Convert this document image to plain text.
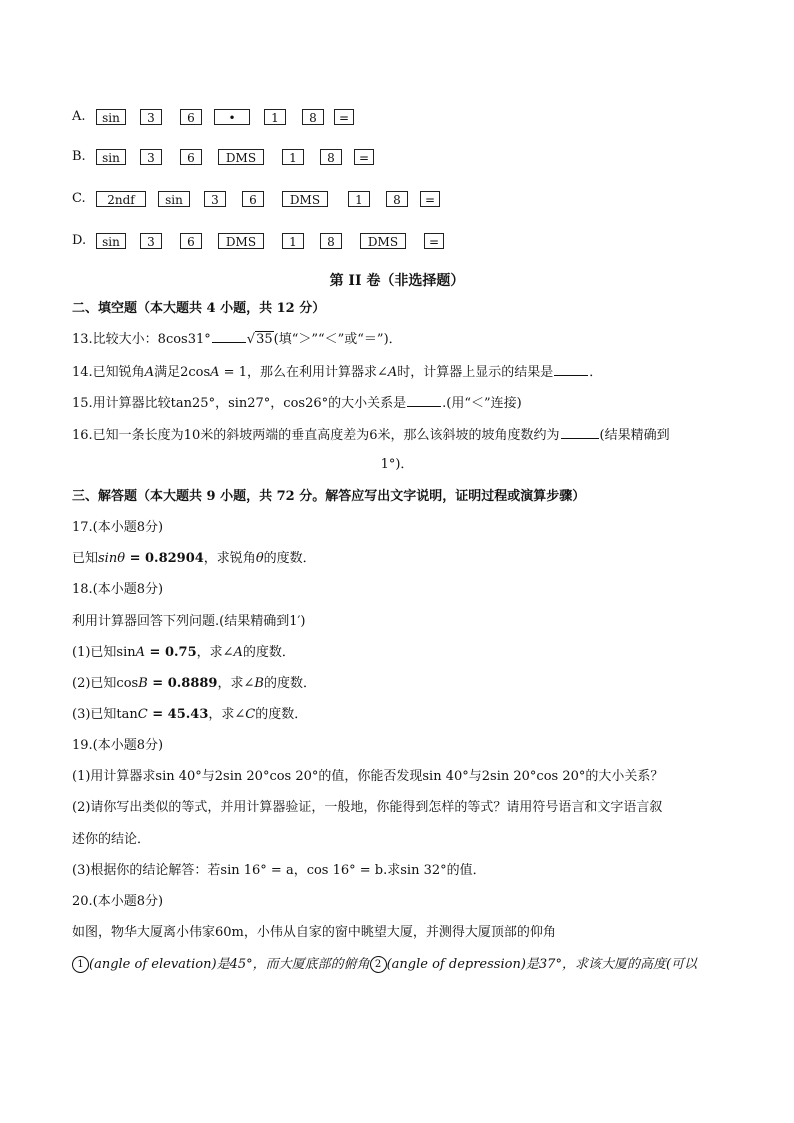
A.	sin	3	6	•	1	8	=
B.	sin	3	6	DMS	1	8	=
C.	2ndf	sin	3	6	DMS	1	8	=
D.	sin	3	6	DMS	1	8	DMS	=
第 II 卷（非选择题）
二、填空题（本大题共 4 小题，共 12 分）
13.比较大小：8cos31°	√35(填“＞”“＜”或“＝”)．
14.已知锐角A满足2cosA = 1，那么在利用计算器求∠A时，计算器上显示的结果是	．
15.用计算器比较tan25°，sin27°，cos26°的大小关系是	.(用“＜”连接)
16.已知一条长度为10米的斜坡两端的垂直高度差为6米，那么该斜坡的坡角度数约为	(结果精确到
1°)．
三、解答题（本大题共 9 小题，共 72 分。解答应写出文字说明，证明过程或演算步骤）
17.(本小题8分)
已知sinθ = 0.82904，求锐角θ的度数．
18.(本小题8分)
利用计算器回答下列问题.(结果精确到1′)
(1)已知sinA = 0.75，求∠A的度数．
(2)已知cosB = 0.8889，求∠B的度数．
(3)已知tanC = 45.43，求∠C的度数．
19.(本小题8分)
(1)用计算器求sin 40°与2sin 20°cos 20°的值，你能否发现sin 40°与2sin 20°cos 20°的大小关系？
(2)请你写出类似的等式，并用计算器验证，一般地，你能得到怎样的等式？请用符号语言和文字语言叙
述你的结论．
(3)根据你的结论解答：若sin 16° = a，cos 16° = b.求sin 32°的值．
20.(本小题8分)
如图，物华大厦离小伟家60m，小伟从自家的窗中眺望大厦，并测得大厦顶部的仰角
1 (angle of elevation)是45°，而大厦底部的俯角 2 (angle of depression)是37°，求该大厦的高度(可以
